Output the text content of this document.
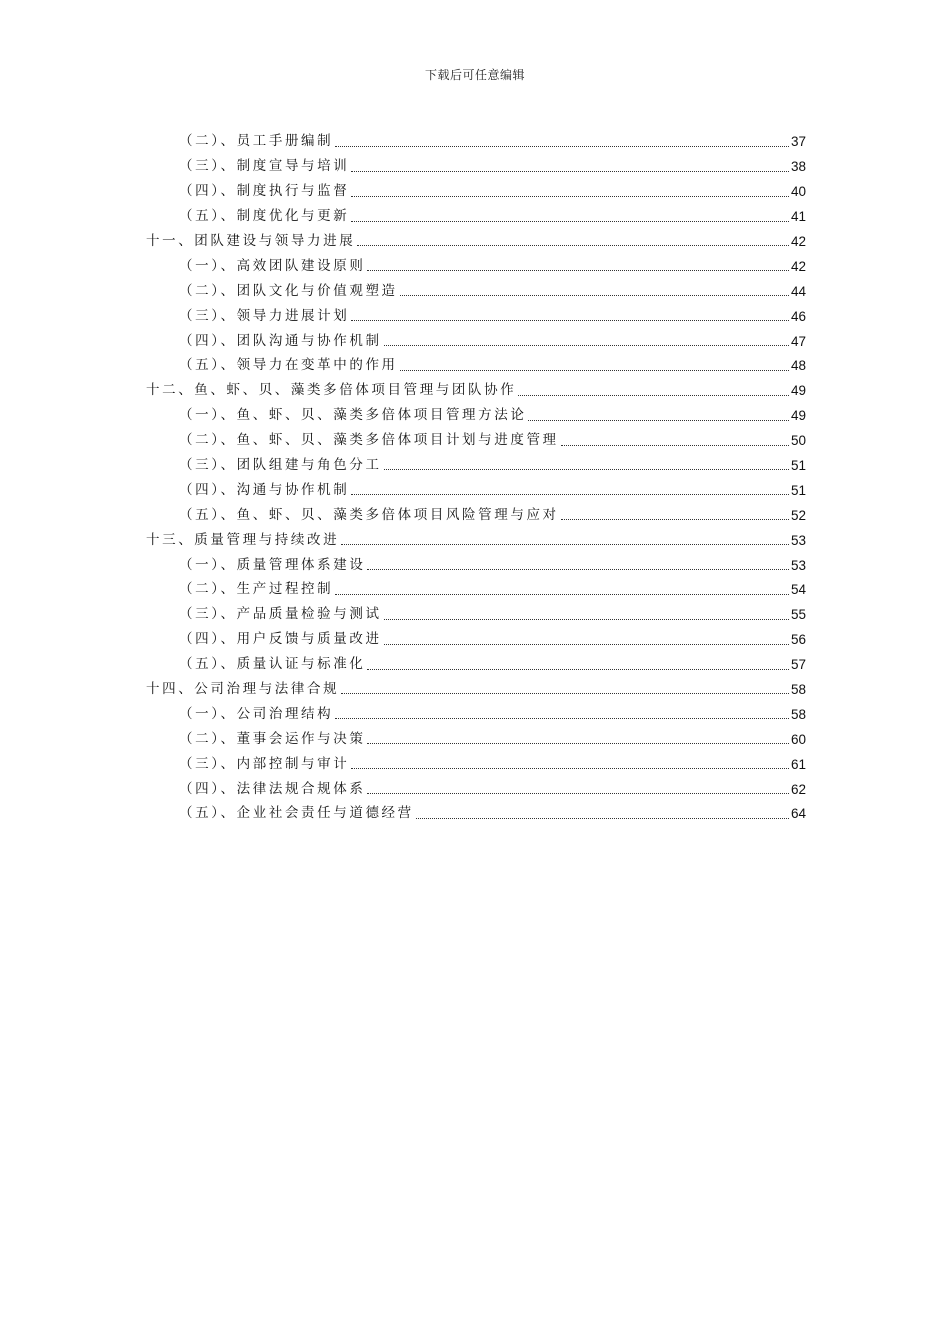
下载后可任意编辑
（二）、员工手册编制	37
（三）、制度宣导与培训	38
（四）、制度执行与监督	40
（五）、制度优化与更新	41
十一、团队建设与领导力进展	42
（一）、高效团队建设原则	42
（二）、团队文化与价值观塑造	44
（三）、领导力进展计划	46
（四）、团队沟通与协作机制	47
（五）、领导力在变革中的作用	48
十二、鱼、虾、贝、藻类多倍体项目管理与团队协作	49
（一）、鱼、虾、贝、藻类多倍体项目管理方法论	49
（二）、鱼、虾、贝、藻类多倍体项目计划与进度管理	50
（三）、团队组建与角色分工	51
（四）、沟通与协作机制	51
（五）、鱼、虾、贝、藻类多倍体项目风险管理与应对	52
十三、质量管理与持续改进	53
（一）、质量管理体系建设	53
（二）、生产过程控制	54
（三）、产品质量检验与测试	55
（四）、用户反馈与质量改进	56
（五）、质量认证与标准化	57
十四、公司治理与法律合规	58
（一）、公司治理结构	58
（二）、董事会运作与决策	60
（三）、内部控制与审计	61
（四）、法律法规合规体系	62
（五）、企业社会责任与道德经营	64
